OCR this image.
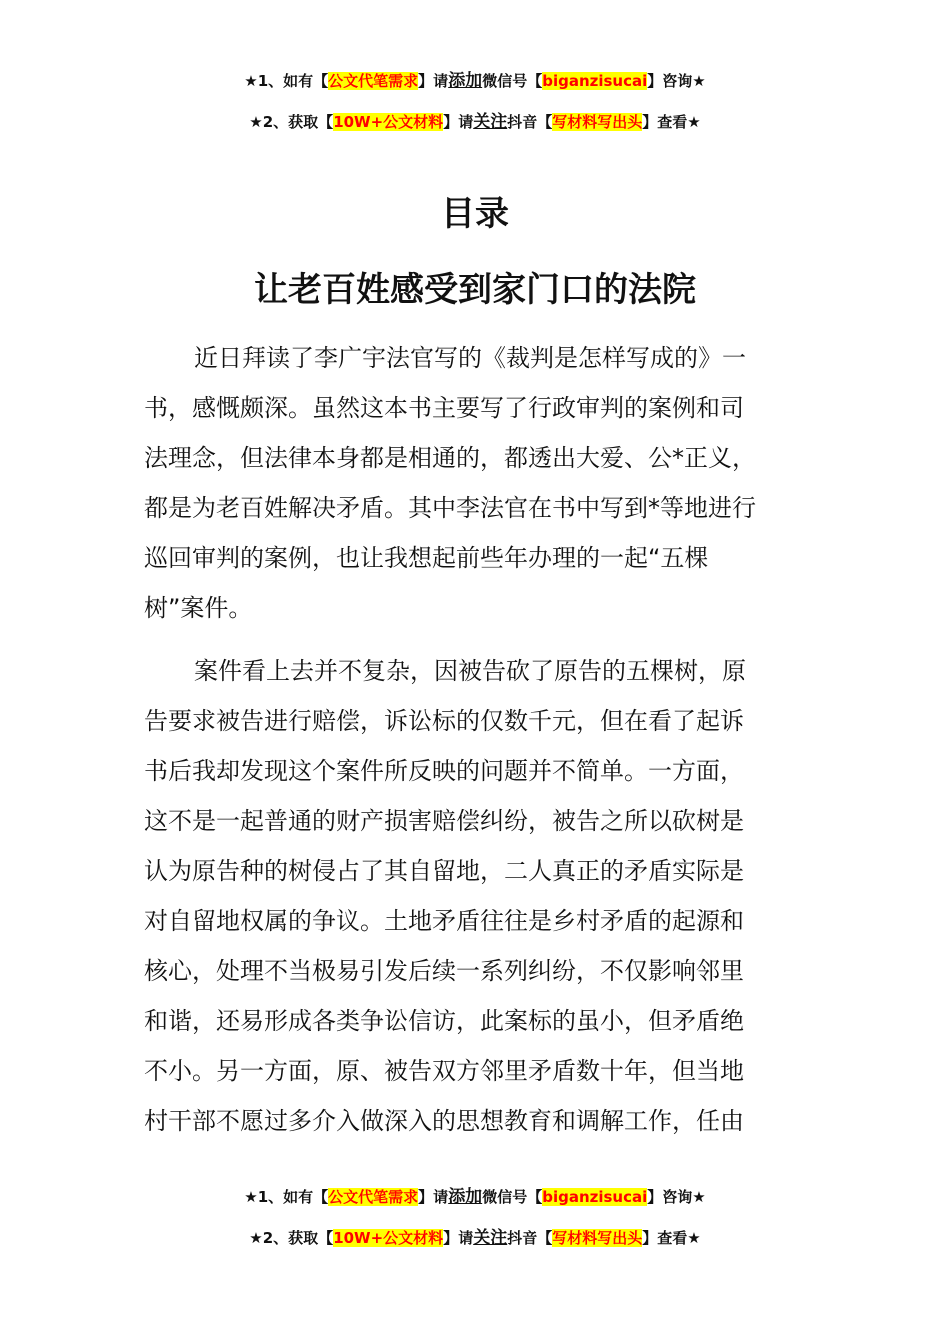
★1、如有【公文代笔需求】请添加微信号【biganzisucai】咨询★
★2、获取【10W+公文材料】请关注抖音【写材料写出头】查看★
目录
让老百姓感受到家门口的法院
近日拜读了李广宇法官写的《裁判是怎样写成的》一
书，感慨颇深。虽然这本书主要写了行政审判的案例和司
法理念，但法律本身都是相通的，都透出大爱、公*正义，
都是为老百姓解决矛盾。其中李法官在书中写到*等地进行
巡回审判的案例，也让我想起前些年办理的一起“五棵
树”案件。
案件看上去并不复杂，因被告砍了原告的五棵树，原
告要求被告进行赔偿，诉讼标的仅数千元，但在看了起诉
书后我却发现这个案件所反映的问题并不简单。一方面，
这不是一起普通的财产损害赔偿纠纷，被告之所以砍树是
认为原告种的树侵占了其自留地，二人真正的矛盾实际是
对自留地权属的争议。土地矛盾往往是乡村矛盾的起源和
核心，处理不当极易引发后续一系列纠纷，不仅影响邻里
和谐，还易形成各类争讼信访，此案标的虽小，但矛盾绝
不小。另一方面，原、被告双方邻里矛盾数十年，但当地
村干部不愿过多介入做深入的思想教育和调解工作，任由
★1、如有【公文代笔需求】请添加微信号【biganzisucai】咨询★
★2、获取【10W+公文材料】请关注抖音【写材料写出头】查看★
